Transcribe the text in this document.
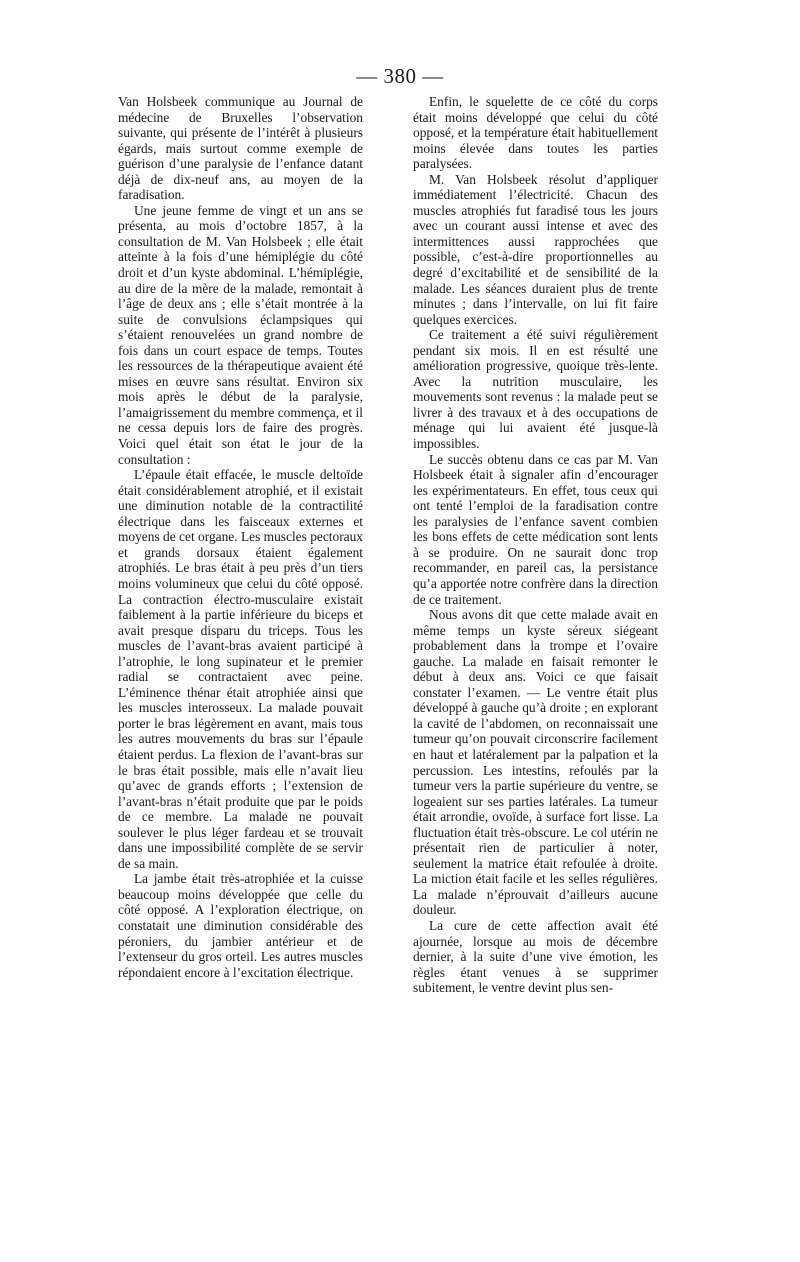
— 380 —

Van Holsbeek communique au Journal de médecine de Bruxelles l’observation suivante, qui présente de l’intérêt à plusieurs égards, mais surtout comme exemple de guérison d’une paralysie de l’enfance datant déjà de dix-neuf ans, au moyen de la faradisation.

Une jeune femme de vingt et un ans se présenta, au mois d’octobre 1857, à la consultation de M. Van Holsbeek ; elle était atteinte à la fois d’une hémiplégie du côté droit et d’un kyste abdominal. L’hémiplégie, au dire de la mère de la malade, remontait à l’âge de deux ans ; elle s’était montrée à la suite de convulsions éclampsiques qui s’étaient renouvelées un grand nombre de fois dans un court espace de temps. Toutes les ressources de la thérapeutique avaient été mises en œuvre sans résultat. Environ six mois après le début de la paralysie, l’amaigrissement du membre commença, et il ne cessa depuis lors de faire des progrès. Voici quel était son état le jour de la consultation :

L’épaule était effacée, le muscle deltoïde était considérablement atrophié, et il existait une diminution notable de la contractilité électrique dans les faisceaux externes et moyens de cet organe. Les muscles pectoraux et grands dorsaux étaient également atrophiés. Le bras était à peu près d’un tiers moins volumineux que celui du côté opposé. La contraction électro-musculaire existait faiblement à la partie inférieure du biceps et avait presque disparu du triceps. Tous les muscles de l’avant-bras avaient participé à l’atrophie, le long supinateur et le premier radial se contractaient avec peine. L’éminence thénar était atrophiée ainsi que les muscles interosseux. La malade pouvait porter le bras légèrement en avant, mais tous les autres mouvements du bras sur l’épaule étaient perdus. La flexion de l’avant-bras sur le bras était possible, mais elle n’avait lieu qu’avec de grands efforts ; l’extension de l’avant-bras n’était produite que par le poids de ce membre. La malade ne pouvait soulever le plus léger fardeau et se trouvait dans une impossibilité complète de se servir de sa main.

La jambe était très-atrophiée et la cuisse beaucoup moins développée que celle du côté opposé. A l’exploration électrique, on constatait une diminution considérable des péroniers, du jambier antérieur et de l’extenseur du gros orteil. Les autres muscles répondaient encore à l’excitation électrique.

Enfin, le squelette de ce côté du corps était moins développé que celui du côté opposé, et la température était habituellement moins élevée dans toutes les parties paralysées.

M. Van Holsbeek résolut d’appliquer immédiatement l’électricité. Chacun des muscles atrophiés fut faradisé tous les jours avec un courant aussi intense et avec des intermittences aussi rapprochées que possible, c’est-à-dire proportionnelles au degré d’excitabilité et de sensibilité de la malade. Les séances duraient plus de trente minutes ; dans l’intervalle, on lui fit faire quelques exercices.

Ce traitement a été suivi régulièrement pendant six mois. Il en est résulté une amélioration progressive, quoique très-lente. Avec la nutrition musculaire, les mouvements sont revenus : la malade peut se livrer à des travaux et à des occupations de ménage qui lui avaient été jusque-là impossibles.

Le succès obtenu dans ce cas par M. Van Holsbeek était à signaler afin d’encourager les expérimentateurs. En effet, tous ceux qui ont tenté l’emploi de la faradisation contre les paralysies de l’enfance savent combien les bons effets de cette médication sont lents à se produire. On ne saurait donc trop recommander, en pareil cas, la persistance qu’a apportée notre confrère dans la direction de ce traitement.

Nous avons dit que cette malade avait en même temps un kyste séreux siégeant probablement dans la trompe et l’ovaire gauche. La malade en faisait remonter le début à deux ans. Voici ce que faisait constater l’examen. — Le ventre était plus développé à gauche qu’à droite ; en explorant la cavité de l’abdomen, on reconnaissait une tumeur qu’on pouvait circonscrire facilement en haut et latéralement par la palpation et la percussion. Les intestins, refoulés par la tumeur vers la partie supérieure du ventre, se logeaient sur ses parties latérales. La tumeur était arrondie, ovoïde, à surface fort lisse. La fluctuation était très-obscure. Le col utérin ne présentait rien de particulier à noter, seulement la matrice était refoulée à droite. La miction était facile et les selles régulières. La malade n’éprouvait d’ailleurs aucune douleur.

La cure de cette affection avait été ajournée, lorsque au mois de décembre dernier, à la suite d’une vive émotion, les règles étant venues à se supprimer subitement, le ventre devint plus sen-
